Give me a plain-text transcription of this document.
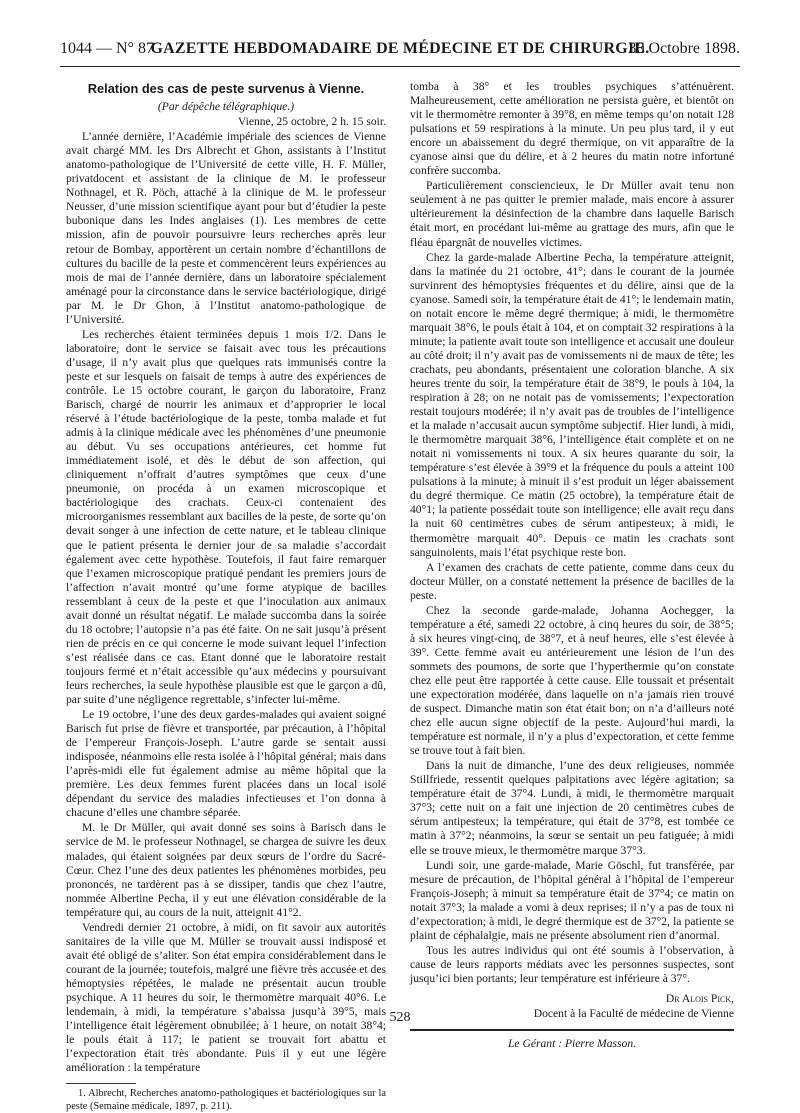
1044 — N° 87
GAZETTE HEBDOMADAIRE DE MÉDECINE ET DE CHIRURGIE.
30 Octobre 1898.
Relation des cas de peste survenus à Vienne.

(Par dépêche télégraphique.)

Vienne, 25 octobre, 2 h. 15 soir.

L’année dernière, l’Académie impériale des sciences de Vienne avait chargé MM. les Drs Albrecht et Ghon, assistants à l’Institut anatomo-pathologique de l’Université de cette ville, H. F. Müller, privatdocent et assistant de la clinique de M. le professeur Nothnagel, et R. Pöch, attaché à la clinique de M. le professeur Neusser, d’une mission scientifique ayant pour but d’étudier la peste bubonique dans les Indes anglaises (1). Les membres de cette mission, afin de pouvoir poursuivre leurs recherches après leur retour de Bombay, apportèrent un certain nombre d’échantillons de cultures du bacille de la peste et commencèrent leurs expériences au mois de mai de l’année dernière, dans un laboratoire spécialement aménagé pour la circonstance dans le service bactériologique, dirigé par M. le Dr Ghon, à l’Institut anatomo-pathologique de l’Université.

Les recherches étaient terminées depuis 1 mois 1/2. Dans le laboratoire, dont le service se faisait avec tous les précautions d’usage, il n’y avait plus que quelques rats immunisés contre la peste et sur lesquels on faisait de temps à autre des expériences de contrôle. Le 15 octobre courant, le garçon du laboratoire, Franz Barisch, chargé de nourrir les animaux et d’approprier le local réservé à l’étude bactériologique de la peste, tomba malade et fut admis à la clinique médicale avec les phénomènes d’une pneumonie au début. Vu ses occupations antérieures, cet homme fut immédiatement isolé, et dès le début de son affection, qui cliniquement n’offrait d’autres symptômes que ceux d’une pneumonie, on procéda à un examen microscopique et bactériologique des crachats. Ceux-ci contenaient des microorganismes ressemblant aux bacilles de la peste, de sorte qu’on devait songer à une infection de cette nature, et le tableau clinique que le patient présenta le dernier jour de sa maladie s’accordait également avec cette hypothèse. Toutefois, il faut faire remarquer que l’examen microscopique pratiqué pendant les premiers jours de l’affection n’avait montré qu’une forme atypique de bacilles ressemblant à ceux de la peste et que l’inoculation aux animaux avait donné un résultat négatif. Le malade succomba dans la soirée du 18 octobre; l’autopsie n’a pas été faite. On ne sait jusqu’à présent rien de précis en ce qui concerne le mode suivant lequel l’infection s’est réalisée dans ce cas. Etant donné que le laboratoire restait toujours fermé et n’était accessible qu’aux médecins y poursuivant leurs recherches, la seule hypothèse plausible est que le garçon a dû, par suite d’une négligence regrettable, s’infecter lui-même.

Le 19 octobre, l’une des deux gardes-malades qui avaient soigné Barisch fut prise de fièvre et transportée, par précaution, à l’hôpital de l’empereur François-Joseph. L’autre garde se sentait aussi indisposée, néanmoins elle resta isolée à l’hôpital général; mais dans l’après-midi elle fut également admise au même hôpital que la première. Les deux femmes furent placées dans un local isolé dépendant du service des maladies infectieuses et l’on donna à chacune d’elles une chambre séparée.

M. le Dr Müller, qui avait donné ses soins à Barisch dans le service de M. le professeur Nothnagel, se chargea de suivre les deux malades, qui étaient soignées par deux sœurs de l’ordre du Sacré-Cœur. Chez l’une des deux patientes les phénomènes morbides, peu prononcés, ne tardèrent pas à se dissiper, tandis que chez l’autre, nommée Albertine Pecha, il y eut une élévation considérable de la température qui, au cours de la nuit, atteignit 41°2.

Vendredi dernier 21 octobre, à midi, on fit savoir aux autorités sanitaires de la ville que M. Müller se trouvait aussi indisposé et avait été obligé de s’aliter. Son état empira considérablement dans le courant de la journée; toutefois, malgré une fièvre très accusée et des hémoptysies répétées, le malade ne présentait aucun trouble psychique. A 11 heures du soir, le thermomètre marquait 40°6. Le lendemain, à midi, la température s’abaissa jusqu’à 39°5, mais l’intelligence était légèrement obnubilée; à 1 heure, on notait 38°4; le pouls était à 117; le patient se trouvait fort abattu et l’expectoration était très abondante. Puis il y eut une légère amélioration : la température

1. Albrecht, Recherches anatomo-pathologiques et bactériologiques sur la peste (Semaine médicale, 1897, p. 211).

tomba à 38° et les troubles psychiques s’atténuèrent. Malheureusement, cette amélioration ne persista guère, et bientôt on vit le thermomètre remonter à 39°8, en même temps qu’on notait 128 pulsations et 59 respirations à la minute. Un peu plus tard, il y eut encore un abaissement du degré thermique, on vit apparaître de la cyanose ainsi que du délire, et à 2 heures du matin notre infortuné confrère succomba.

Particulièrement consciencieux, le Dr Müller avait tenu non seulement à ne pas quitter le premier malade, mais encore à assurer ultérieurement la désinfection de la chambre dans laquelle Barisch était mort, en procédant lui-même au grattage des murs, afin que le fléau épargnât de nouvelles victimes.

Chez la garde-malade Albertine Pecha, la température atteignit, dans la matinée du 21 octobre, 41°; dans le courant de la journée survinrent des hémoptysies fréquentes et du délire, ainsi que de la cyanose. Samedi soir, la température était de 41°; le lendemain matin, on notait encore le même degré thermique; à midi, le thermomètre marquait 38°6, le pouls était à 104, et on comptait 32 respirations à la minute; la patiente avait toute son intelligence et accusait une douleur au côté droit; il n’y avait pas de vomissements ni de maux de tête; les crachats, peu abondants, présentaient une coloration blanche. A six heures trente du soir, la température était de 38°9, le pouls à 104, la respiration à 28; on ne notait pas de vomissements; l’expectoration restait toujours modérée; il n’y avait pas de troubles de l’intelligence et la malade n’accusait aucun symptôme subjectif. Hier lundi, à midi, le thermomètre marquait 38°6, l’intelligence était complète et on ne notait ni vomissements ni toux. A six heures quarante du soir, la température s’est élevée à 39°9 et la fréquence du pouls a atteint 100 pulsations à la minute; à minuit il s’est produit un léger abaissement du degré thermique. Ce matin (25 octobre), la température était de 40°1; la patiente possédait toute son intelligence; elle avait reçu dans la nuit 60 centimètres cubes de sérum antipesteux; à midi, le thermomètre marquait 40°. Depuis ce matin les crachats sont sanguinolents, mais l’état psychique reste bon.

A l’examen des crachats de cette patiente, comme dans ceux du docteur Müller, on a constaté nettement la présence de bacilles de la peste.

Chez la seconde garde-malade, Johanna Aochegger, la température a été, samedi 22 octobre, à cinq heures du soir, de 38°5; à six heures vingt-cinq, de 38°7, et à neuf heures, elle s’est élevée à 39°. Cette femme avait eu antérieurement une lésion de l’un des sommets des poumons, de sorte que l’hyperthermie qu’on constate chez elle peut être rapportée à cette cause. Elle toussait et présentait une expectoration modérée, dans laquelle on n’a jamais rien trouvé de suspect. Dimanche matin son état était bon; on n’a d’ailleurs noté chez elle aucun signe objectif de la peste. Aujourd’hui mardi, la température est normale, il n’y a plus d’expectoration, et cette femme se trouve tout à fait bien.

Dans la nuit de dimanche, l’une des deux religieuses, nommée Stillfriede, ressentit quelques palpitations avec légère agitation; sa température était de 37°4. Lundi, à midi, le thermomètre marquait 37°3; cette nuit on a fait une injection de 20 centimètres cubes de sérum antipesteux; la température, qui était de 37°8, est tombée ce matin à 37°2; néanmoins, la sœur se sentait un peu fatiguée; à midi elle se trouve mieux, le thermomètre marque 37°3.

Lundi soir, une garde-malade, Marie Göschl, fut transférée, par mesure de précaution, de l’hôpital général à l’hôpital de l’empereur François-Joseph; à minuit sa température était de 37°4; ce matin on notait 37°3; la malade a vomi à deux reprises; il n’y a pas de toux ni d’expectoration; à midi, le degré thermique est de 37°2, la patiente se plaint de céphalalgie, mais ne présente absolument rien d’anormal.

Tous les autres individus qui ont été soumis à l’observation, à cause de leurs rapports médiats avec les personnes suspectes, sont jusqu’ici bien portants; leur température est inférieure à 37°.

Dr Alois Pick,

Docent à la Faculté de médecine de Vienne

Le Gérant : Pierre Masson.

528
